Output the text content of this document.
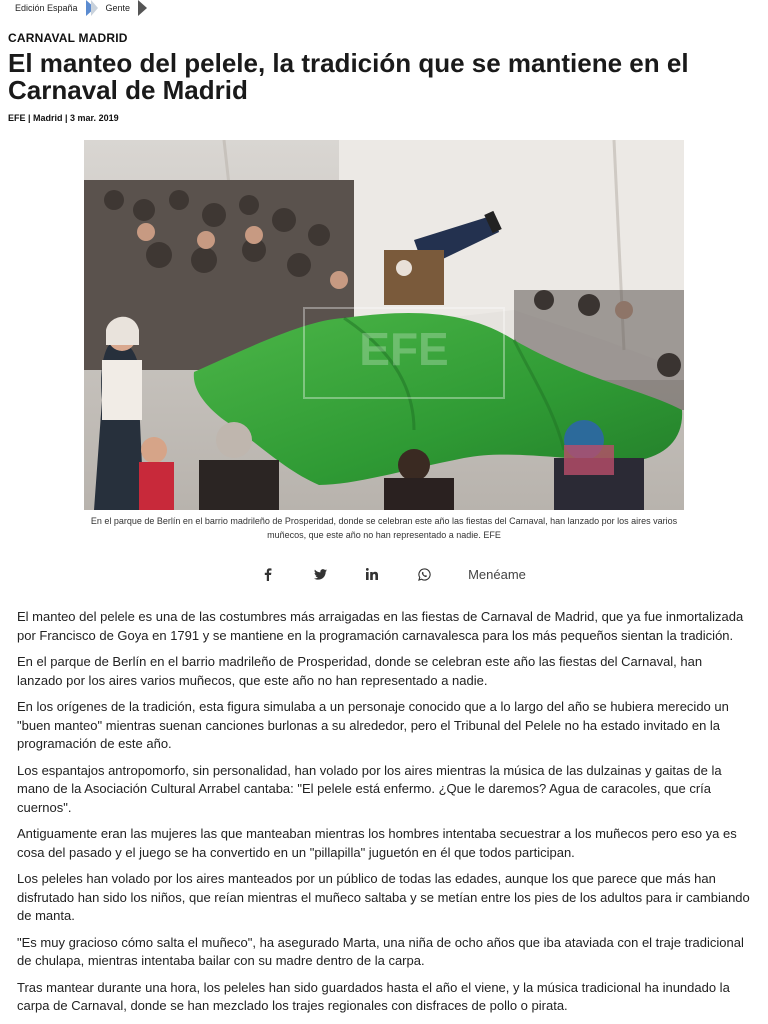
Edición España	Gente
CARNAVAL MADRID
El manteo del pelele, la tradición que se mantiene en el Carnaval de Madrid
EFE | Madrid | 3 mar. 2019
EFE
En el parque de Berlín en el barrio madrileño de Prosperidad, donde se celebran este año las fiestas del Carnaval, han lanzado por los aires varios muñecos, que este año no han representado a nadie. EFE
Menéame

El manteo del pelele es una de las costumbres más arraigadas en las fiestas de Carnaval de Madrid, que ya fue inmortalizada por Francisco de Goya en 1791 y se mantiene en la programación carnavalesca para los más pequeños sientan la tradición.

En el parque de Berlín en el barrio madrileño de Prosperidad, donde se celebran este año las fiestas del Carnaval, han lanzado por los aires varios muñecos, que este año no han representado a nadie.

En los orígenes de la tradición, esta figura simulaba a un personaje conocido que a lo largo del año se hubiera merecido un "buen manteo" mientras suenan canciones burlonas a su alrededor, pero el Tribunal del Pelele no ha estado invitado en la programación de este año.

Los espantajos antropomorfo, sin personalidad, han volado por los aires mientras la música de las dulzainas y gaitas de la mano de la Asociación Cultural Arrabel cantaba: "El pelele está enfermo. ¿Que le daremos? Agua de caracoles, que cría cuernos".

Antiguamente eran las mujeres las que manteaban mientras los hombres intentaba secuestrar a los muñecos pero eso ya es cosa del pasado y el juego se ha convertido en un "pillapilla" juguetón en él que todos participan.

Los peleles han volado por los aires manteados por un público de todas las edades, aunque los que parece que más han disfrutado han sido los niños, que reían mientras el muñeco saltaba y se metían entre los pies de los adultos para ir cambiando de manta.

"Es muy gracioso cómo salta el muñeco", ha asegurado Marta, una niña de ocho años que iba ataviada con el traje tradicional de chulapa, mientras intentaba bailar con su madre dentro de la carpa.

Tras mantear durante una hora, los peleles han sido guardados hasta el año el viene, y la música tradicional ha inundado la carpa de Carnaval, donde se han mezclado los trajes regionales con disfraces de pollo o pirata.
